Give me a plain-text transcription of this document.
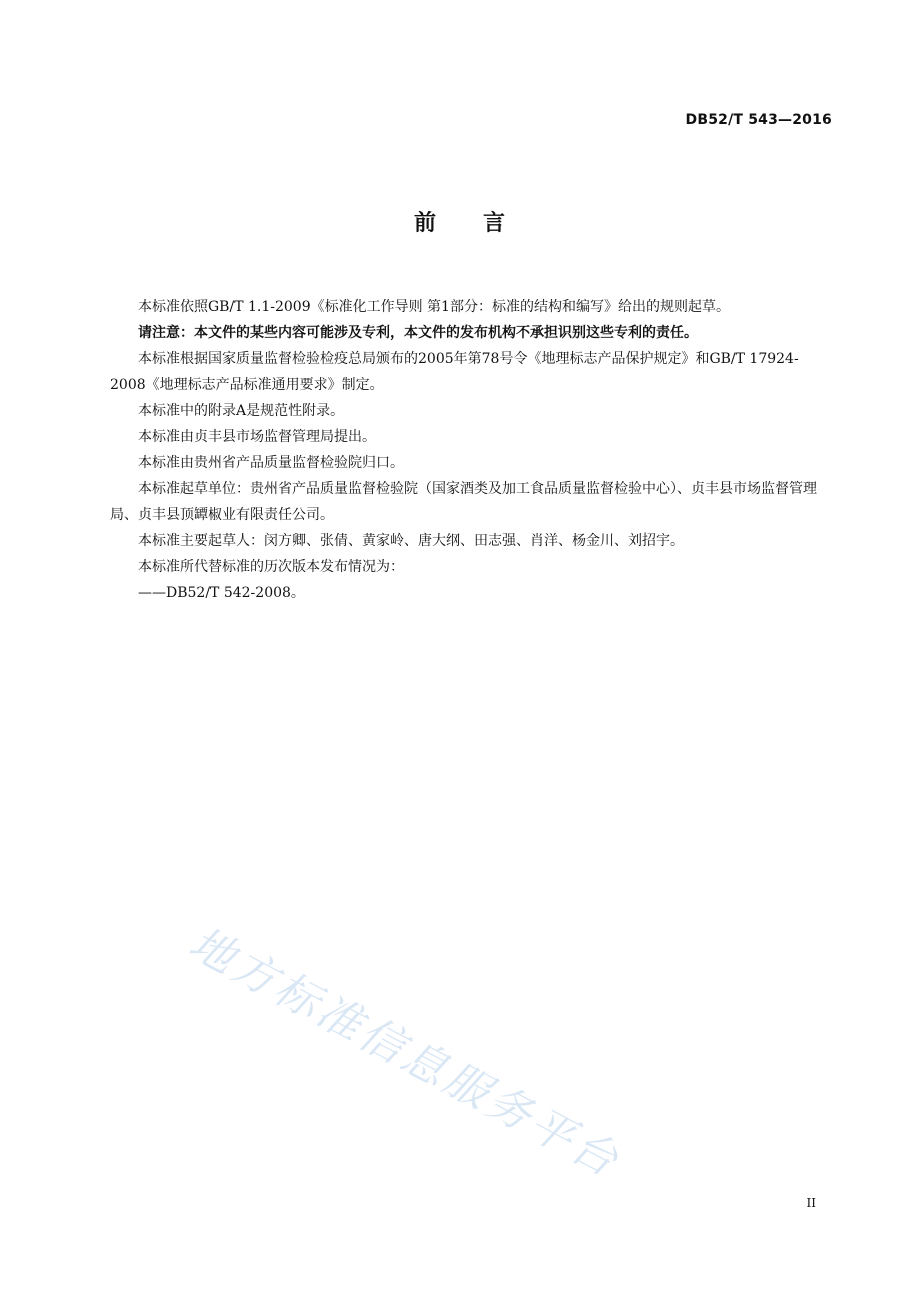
DB52/T 543—2016
前 言

本标准依照GB/T 1.1-2009《标准化工作导则 第1部分：标准的结构和编写》给出的规则起草。

请注意：本文件的某些内容可能涉及专利，本文件的发布机构不承担识别这些专利的责任。

本标准根据国家质量监督检验检疫总局颁布的2005年第78号令《地理标志产品保护规定》和GB/T 17924-2008《地理标志产品标准通用要求》制定。

本标准中的附录A是规范性附录。

本标准由贞丰县市场监督管理局提出。

本标准由贵州省产品质量监督检验院归口。

本标准起草单位：贵州省产品质量监督检验院（国家酒类及加工食品质量监督检验中心）、贞丰县市场监督管理局、贞丰县顶罈椒业有限责任公司。

本标准主要起草人：闵方卿、张倩、黄家岭、唐大纲、田志强、肖洋、杨金川、刘招宇。

本标准所代替标准的历次版本发布情况为：

——DB52/T 542-2008。

地方标准信息服务平台
II
